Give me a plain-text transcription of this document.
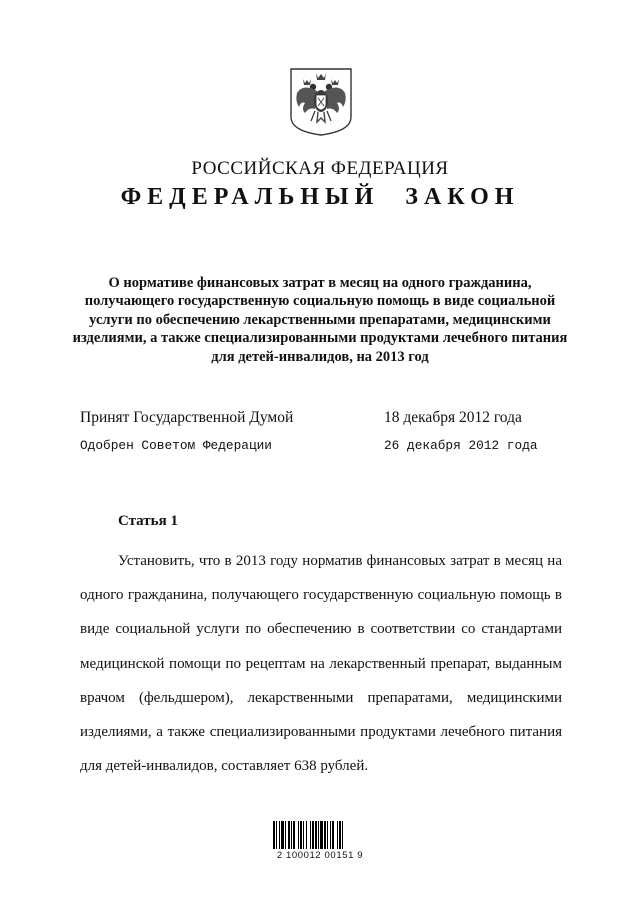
РОССИЙСКАЯ ФЕДЕРАЦИЯ
ФЕДЕРАЛЬНЫЙ ЗАКОН

О нормативе финансовых затрат в месяц на одного гражданина, получающего государственную социальную помощь в виде социальной услуги по обеспечению лекарственными препаратами, медицинскими изделиями, а также специализированными продуктами лечебного питания для детей-инвалидов, на 2013 год

Принят Государственной Думой	18 декабря 2012 года
Одобрен Советом Федерации	26 декабря 2012 года
Статья 1

Установить, что в 2013 году норматив финансовых затрат в месяц на одного гражданина, получающего государственную социальную помощь в виде социальной услуги по обеспечению в соответствии со стандартами медицинской помощи по рецептам на лекарственный препарат, выданным врачом (фельдшером), лекарственными препаратами, медицинскими изделиями, а также специализированными продуктами лечебного питания для детей-инвалидов, составляет 638 рублей.

2 100012 00151 9
